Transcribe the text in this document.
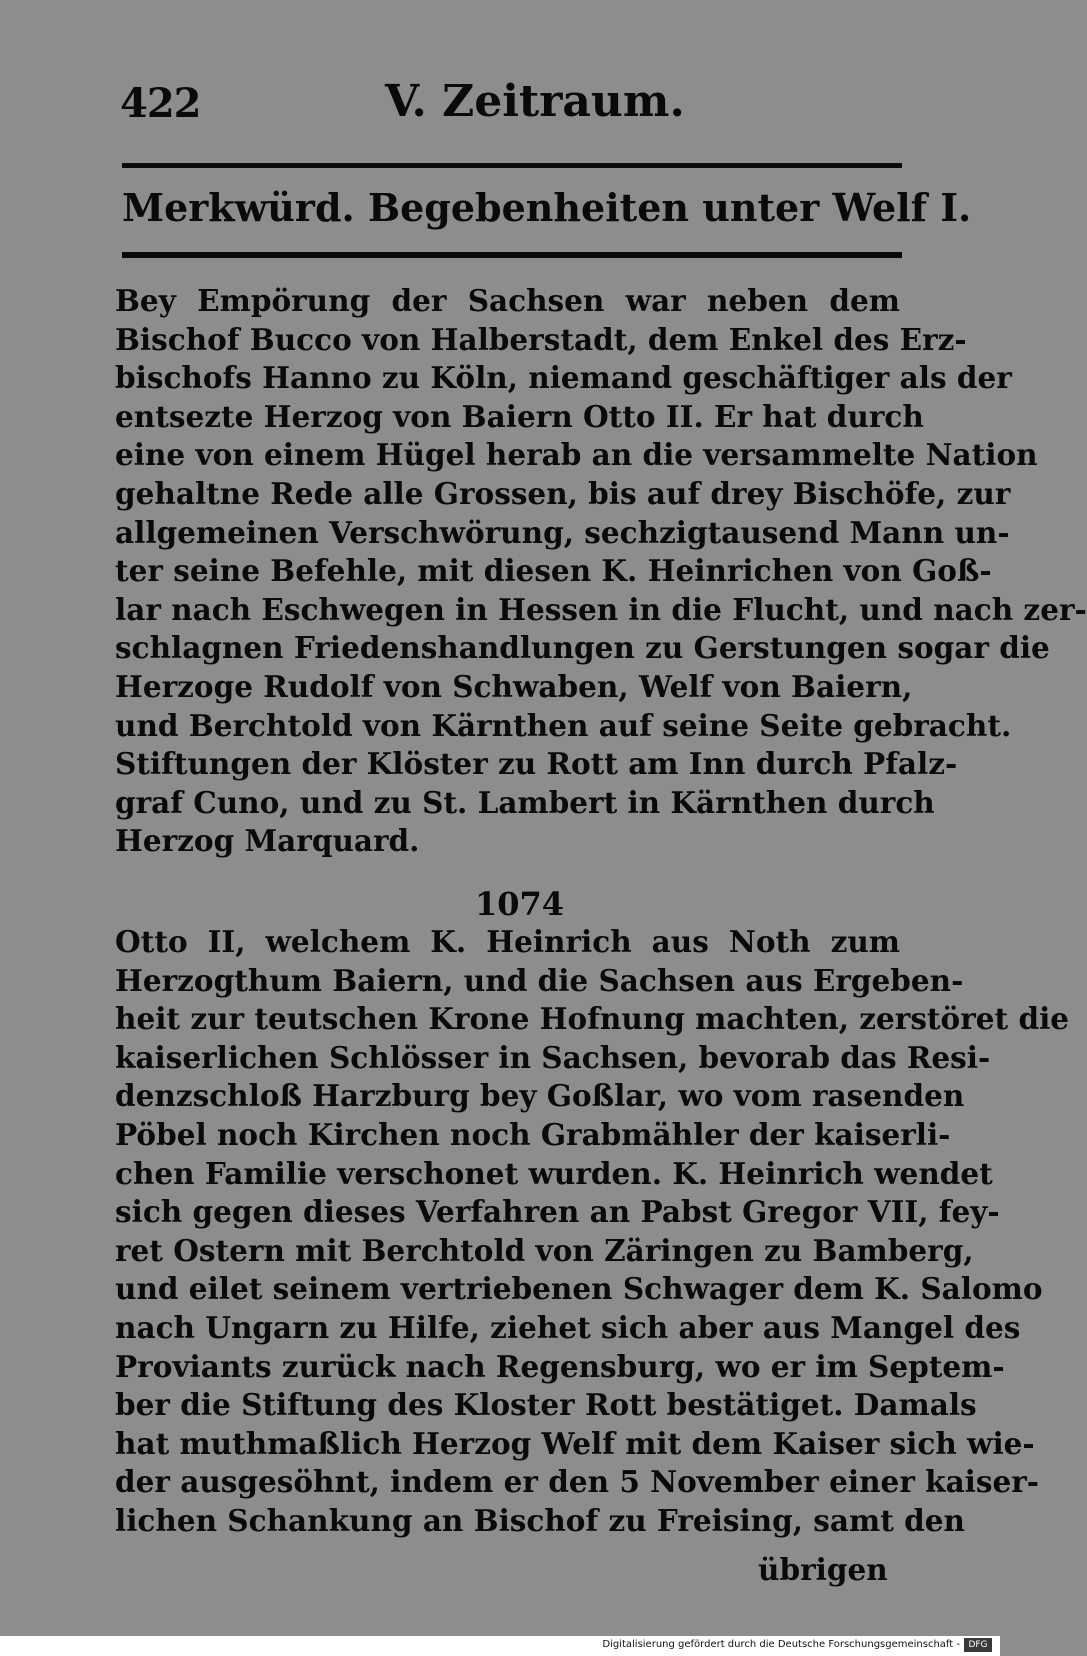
422	V. Zeitraum.
Merkwürd. Begebenheiten unter Welf I.
Bey Empörung der Sachsen war neben dem
Bischof Bucco von Halberstadt, dem Enkel des Erz-
bischofs Hanno zu Köln, niemand geschäftiger als der
entsezte Herzog von Baiern Otto II. Er hat durch
eine von einem Hügel herab an die versammelte Nation
gehaltne Rede alle Grossen, bis auf drey Bischöfe, zur
allgemeinen Verschwörung, sechzigtausend Mann un-
ter seine Befehle, mit diesen K. Heinrichen von Goß-
lar nach Eschwegen in Hessen in die Flucht, und nach zer-
schlagnen Friedenshandlungen zu Gerstungen sogar die
Herzoge Rudolf von Schwaben, Welf von Baiern,
und Berchtold von Kärnthen auf seine Seite gebracht.
Stiftungen der Klöster zu Rott am Inn durch Pfalz-
graf Cuno, und zu St. Lambert in Kärnthen durch
Herzog Marquard.
1074
Otto II, welchem K. Heinrich aus Noth zum
Herzogthum Baiern, und die Sachsen aus Ergeben-
heit zur teutschen Krone Hofnung machten, zerstöret die
kaiserlichen Schlösser in Sachsen, bevorab das Resi-
denzschloß Harzburg bey Goßlar, wo vom rasenden
Pöbel noch Kirchen noch Grabmähler der kaiserli-
chen Familie verschonet wurden. K. Heinrich wendet
sich gegen dieses Verfahren an Pabst Gregor VII, fey-
ret Ostern mit Berchtold von Zäringen zu Bamberg,
und eilet seinem vertriebenen Schwager dem K. Salomo
nach Ungarn zu Hilfe, ziehet sich aber aus Mangel des
Proviants zurück nach Regensburg, wo er im Septem-
ber die Stiftung des Kloster Rott bestätiget. Damals
hat muthmaßlich Herzog Welf mit dem Kaiser sich wie-
der ausgesöhnt, indem er den 5 November einer kaiser-
lichen Schankung an Bischof zu Freising, samt den
übrigen
Digitalisierung gefördert durch die Deutsche Forschungsgemeinschaft - DFG
